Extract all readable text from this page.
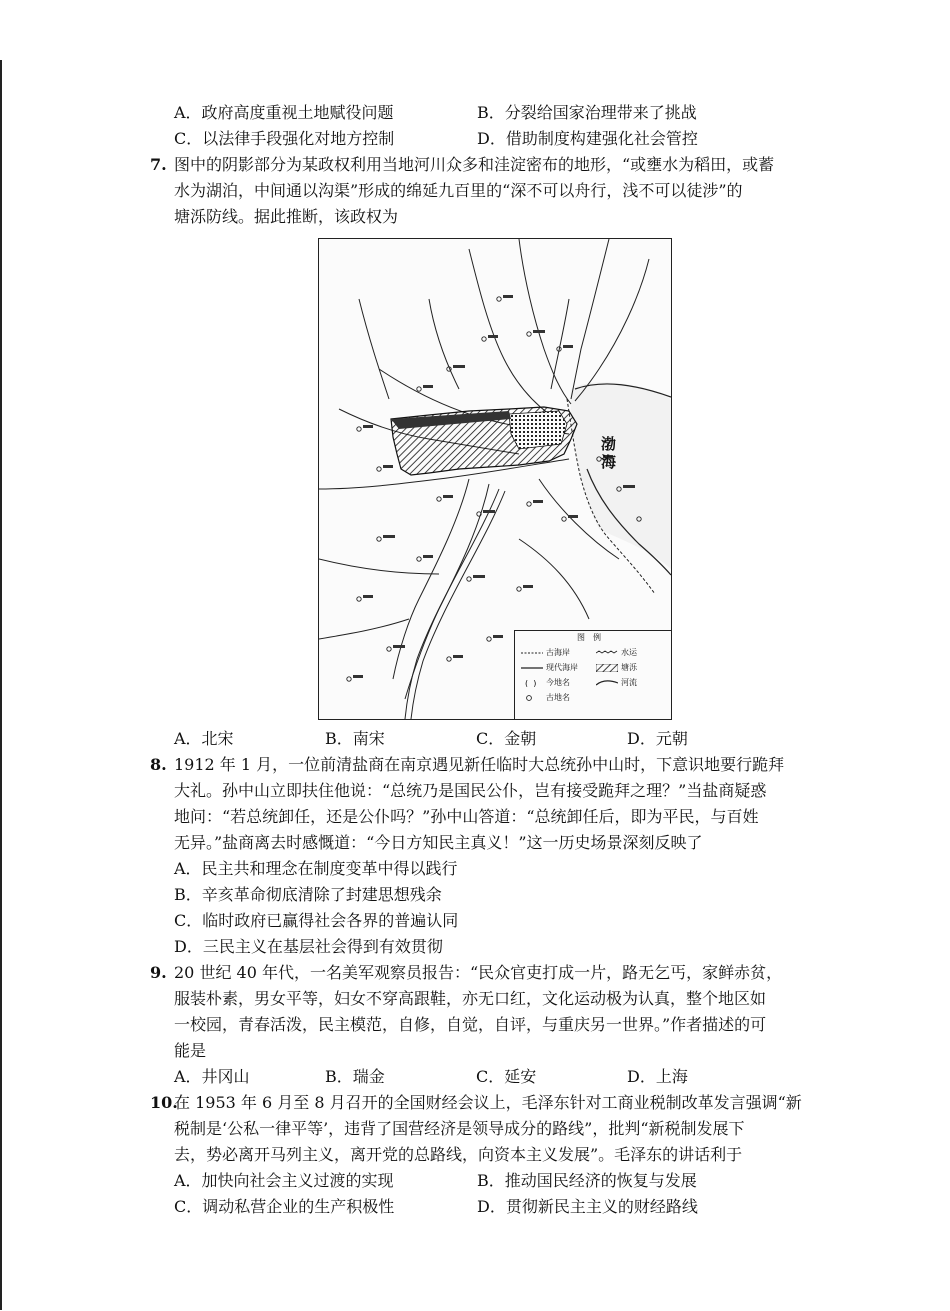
A．政府高度重视土地赋役问题	B．分裂给国家治理带来了挑战
C．以法律手段强化对地方控制	D．借助制度构建强化社会管控
7. 图中的阴影部分为某政权利用当地河川众多和洼淀密布的地形，“或壅水为稻田，或蓄
水为湖泊，中间通以沟渠”形成的绵延九百里的“深不可以舟行，浅不可以徒涉”的
塘泺防线。据此推断，该政权为
渤海
图例
古海岸	水运
现代海岸	塘泺
(  ) 今地名	河流
古地名
A．北宋	B．南宋	C．金朝	D．元朝
8. 1912 年 1 月，一位前清盐商在南京遇见新任临时大总统孙中山时，下意识地要行跪拜
大礼。孙中山立即扶住他说：“总统乃是国民公仆，岂有接受跪拜之理？”当盐商疑惑
地问：“若总统卸任，还是公仆吗？”孙中山答道：“总统卸任后，即为平民，与百姓
无异。”盐商离去时感慨道：“今日方知民主真义！”这一历史场景深刻反映了
A．民主共和理念在制度变革中得以践行
B．辛亥革命彻底清除了封建思想残余
C．临时政府已赢得社会各界的普遍认同
D．三民主义在基层社会得到有效贯彻
9. 20 世纪 40 年代，一名美军观察员报告：“民众官吏打成一片，路无乞丐，家鲜赤贫，
服装朴素，男女平等，妇女不穿高跟鞋，亦无口红，文化运动极为认真，整个地区如
一校园，青春活泼，民主模范，自修，自觉，自评，与重庆另一世界。”作者描述的可
能是
A．井冈山	B．瑞金	C．延安	D．上海
10.在 1953 年 6 月至 8 月召开的全国财经会议上，毛泽东针对工商业税制改革发言强调“新
税制是‘公私一律平等’，违背了国营经济是领导成分的路线”，批判“新税制发展下
去，势必离开马列主义，离开党的总路线，向资本主义发展”。毛泽东的讲话利于
A．加快向社会主义过渡的实现	B．推动国民经济的恢复与发展
C．调动私营企业的生产积极性	D．贯彻新民主主义的财经路线
